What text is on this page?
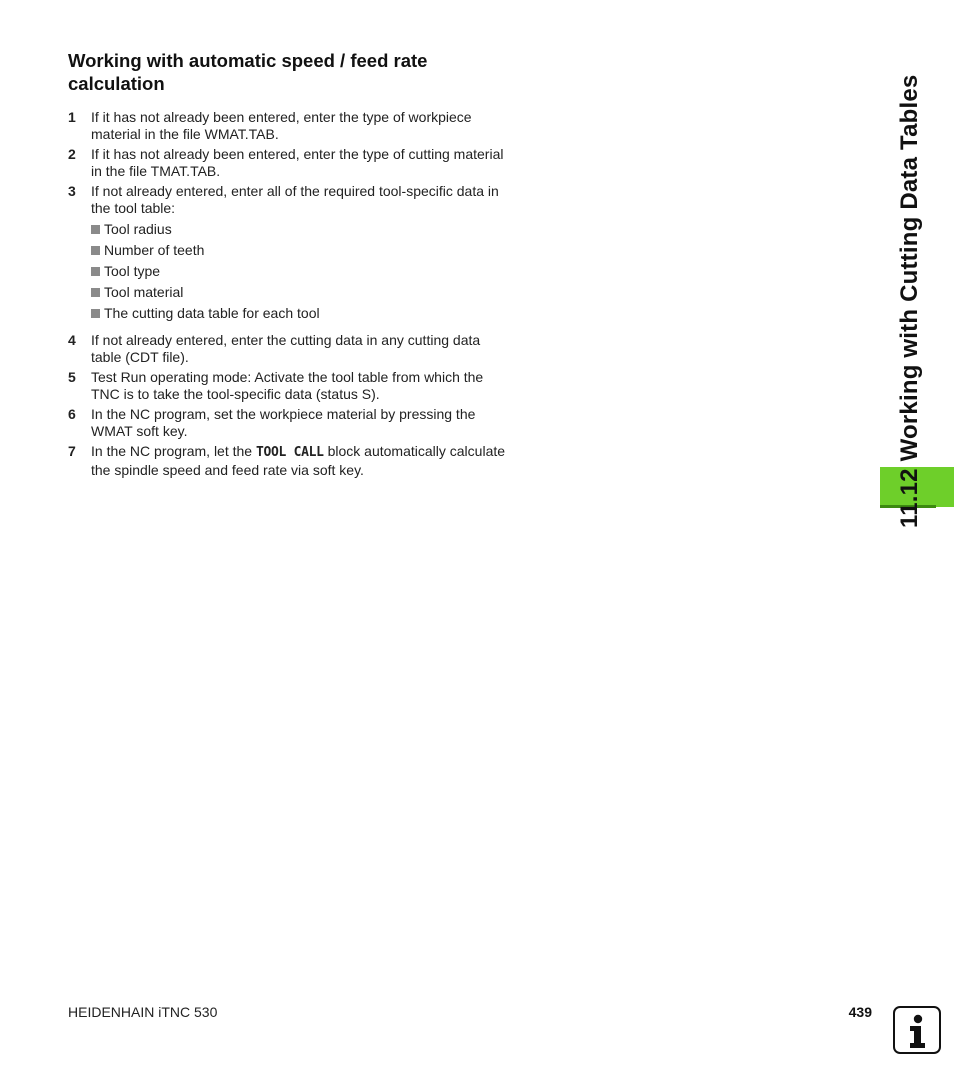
Working with automatic speed / feed rate calculation
1	If it has not already been entered, enter the type of workpiece material in the file WMAT.TAB.
2	If it has not already been entered, enter the type of cutting material in the file TMAT.TAB.
3	If not already entered, enter all of the required tool-specific data in the tool table:
Tool radius
Number of teeth
Tool type
Tool material
The cutting data table for each tool
4	If not already entered, enter the cutting data in any cutting data table (CDT file).
5	Test Run operating mode: Activate the tool table from which the TNC is to take the tool-specific data (status S).
6	In the NC program, set the workpiece material by pressing the WMAT soft key.
7	In the NC program, let the TOOL CALL block automatically calculate the spindle speed and feed rate via soft key.	11.12 Working with Cutting Data Tables
HEIDENHAIN iTNC 530	439
